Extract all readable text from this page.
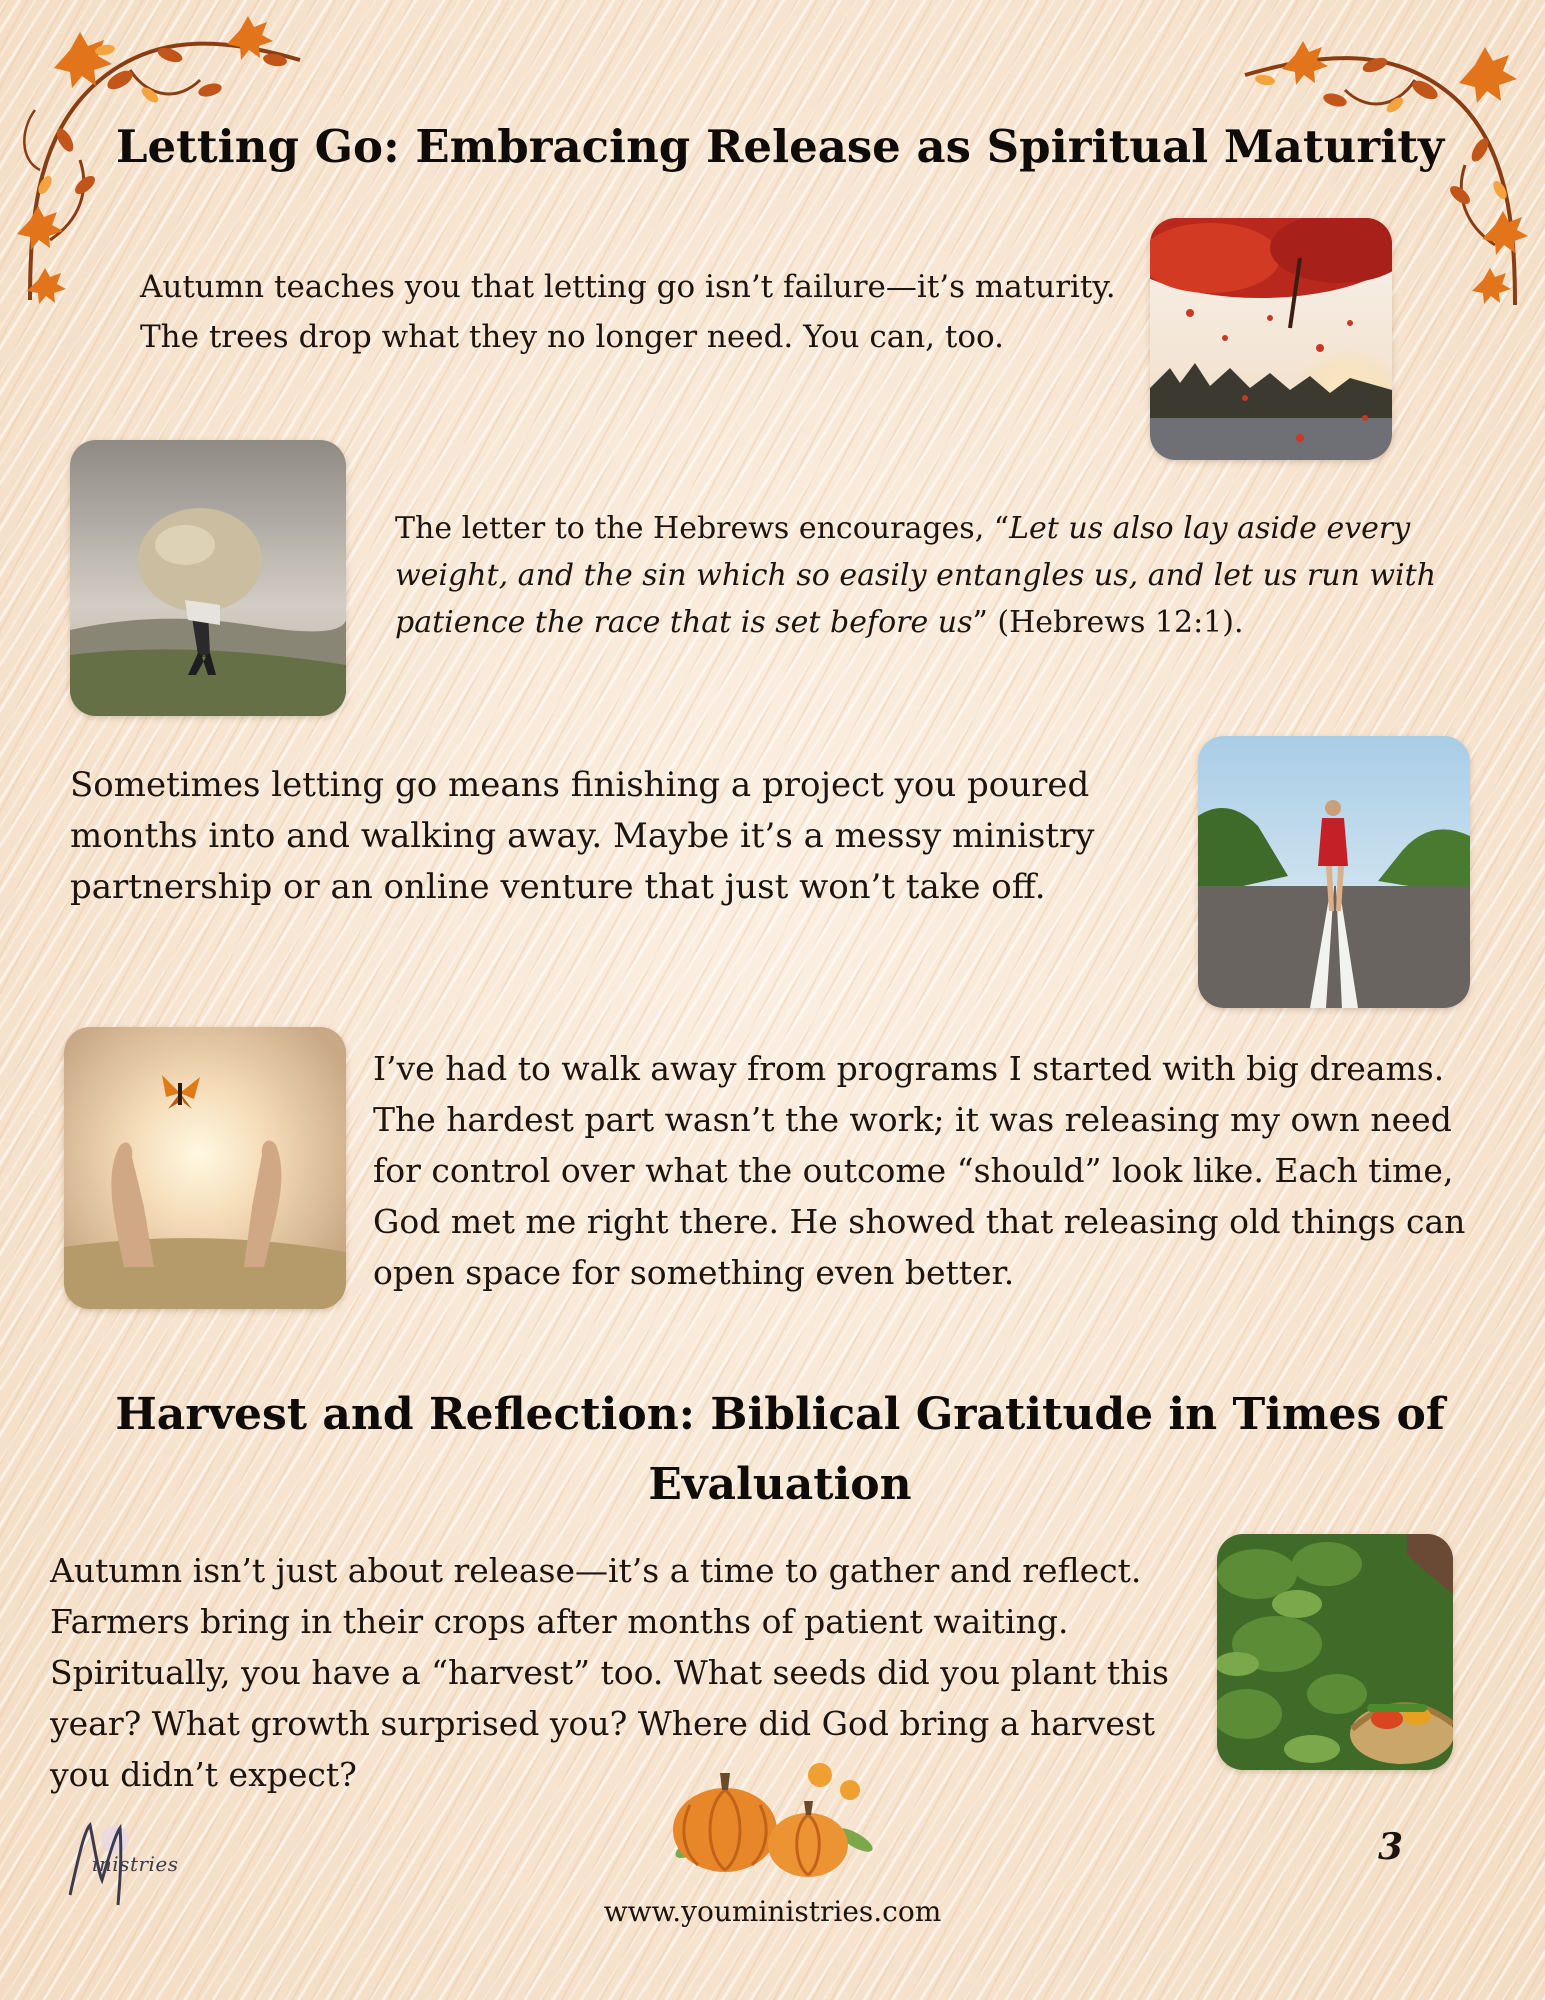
Letting Go: Embracing Release as Spiritual Maturity

Autumn teaches you that letting go isn’t failure—it’s maturity. The trees drop what they no longer need. You can, too.

The letter to the Hebrews encourages, “Let us also lay aside every weight, and the sin which so easily entangles us, and let us run with patience the race that is set before us” (Hebrews 12:1).

Sometimes letting go means finishing a project you poured months into and walking away. Maybe it’s a messy ministry partnership or an online venture that just won’t take off.

I’ve had to walk away from programs I started with big dreams. The hardest part wasn’t the work; it was releasing my own need for control over what the outcome “should” look like. Each time, God met me right there. He showed that releasing old things can open space for something even better.

Harvest and Reflection: Biblical Gratitude in Times of Evaluation

Autumn isn’t just about release—it’s a time to gather and reflect. Farmers bring in their crops after months of patient waiting. Spiritually, you have a “harvest” too. What seeds did you plant this year? What growth surprised you? Where did God bring a harvest you didn’t expect?

inistries	3
www.youministries.com
